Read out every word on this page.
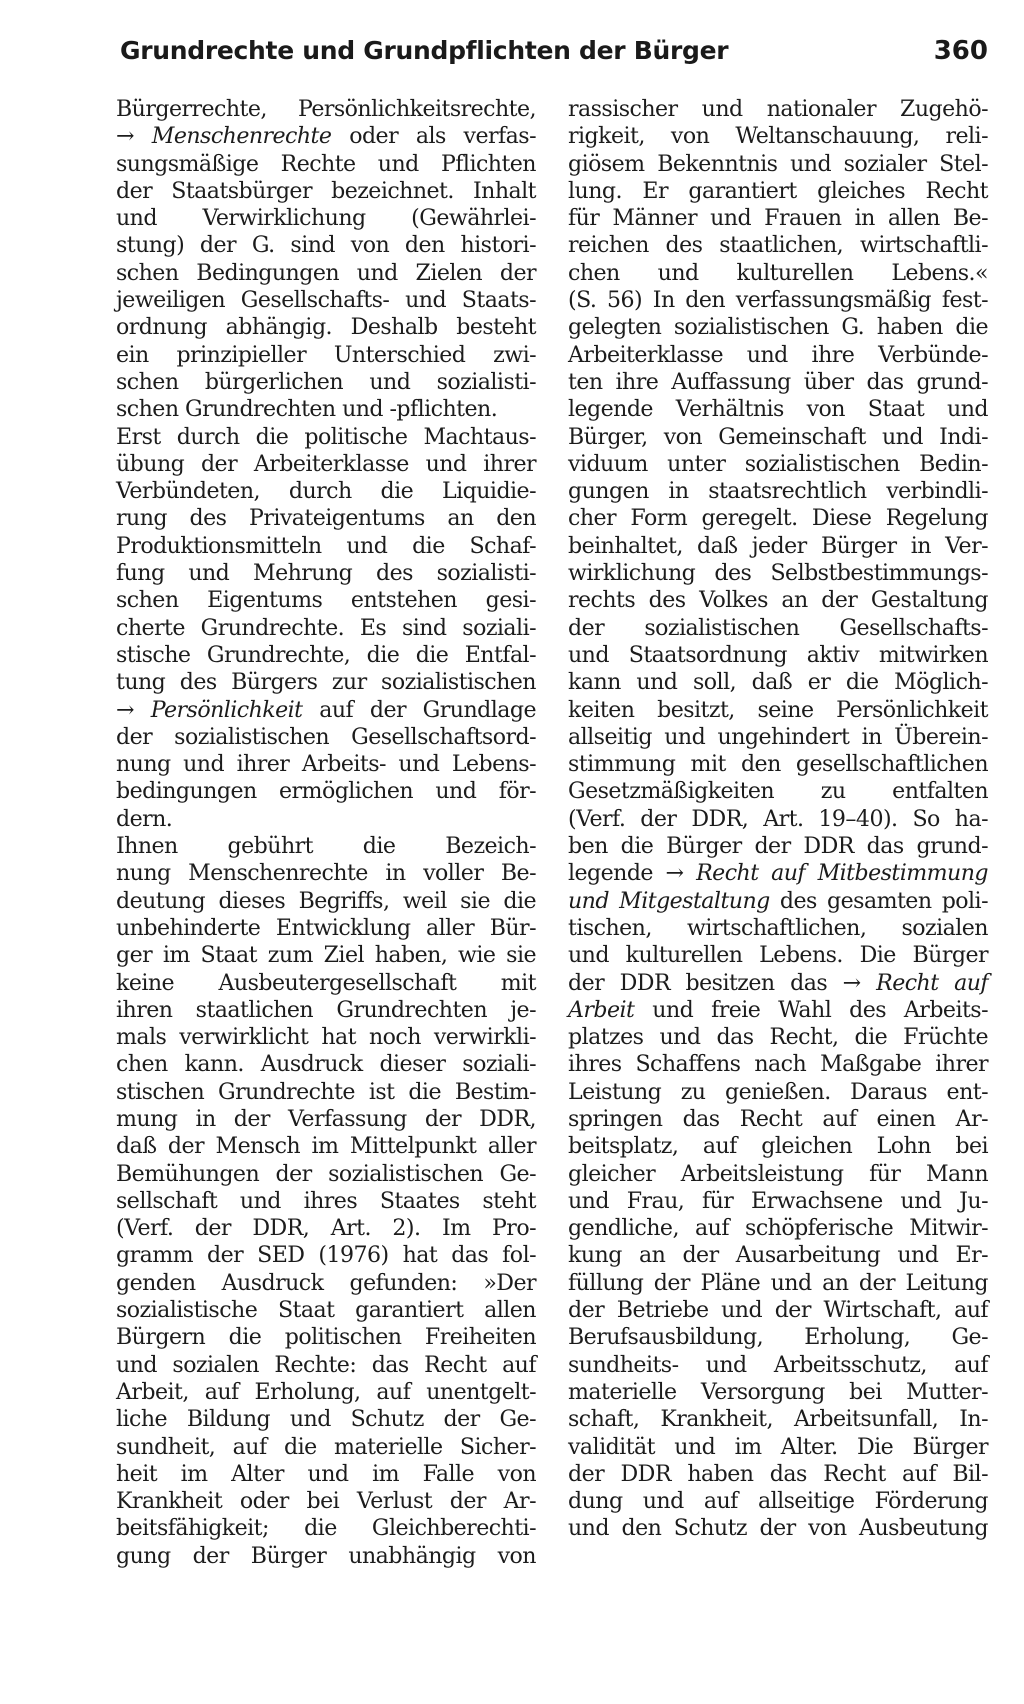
Grundrechte und Grundpflichten der Bürger	360
Bürgerrechte, Persönlichkeitsrechte,
→ Menschenrechte oder als verfas-
sungsmäßige Rechte und Pflichten
der Staatsbürger bezeichnet. Inhalt
und Verwirklichung (Gewährlei-
stung) der G. sind von den histori-
schen Bedingungen und Zielen der
jeweiligen Gesellschafts- und Staats-
ordnung abhängig. Deshalb besteht
ein prinzipieller Unterschied zwi-
schen bürgerlichen und sozialisti-
schen Grundrechten und -pflichten.
Erst durch die politische Machtaus-
übung der Arbeiterklasse und ihrer
Verbündeten, durch die Liquidie-
rung des Privateigentums an den
Produktionsmitteln und die Schaf-
fung und Mehrung des sozialisti-
schen Eigentums entstehen gesi-
cherte Grundrechte. Es sind soziali-
stische Grundrechte, die die Entfal-
tung des Bürgers zur sozialistischen
→ Persönlichkeit auf der Grundlage
der sozialistischen Gesellschaftsord-
nung und ihrer Arbeits- und Lebens-
bedingungen ermöglichen und för-
dern.
Ihnen gebührt die Bezeich-
nung Menschenrechte in voller Be-
deutung dieses Begriffs, weil sie die
unbehinderte Entwicklung aller Bür-
ger im Staat zum Ziel haben, wie sie
keine Ausbeutergesellschaft mit
ihren staatlichen Grundrechten je-
mals verwirklicht hat noch verwirkli-
chen kann. Ausdruck dieser soziali-
stischen Grundrechte ist die Bestim-
mung in der Verfassung der DDR,
daß der Mensch im Mittelpunkt aller
Bemühungen der sozialistischen Ge-
sellschaft und ihres Staates steht
(Verf. der DDR, Art. 2). Im Pro-
gramm der SED (1976) hat das fol-
genden Ausdruck gefunden: »Der
sozialistische Staat garantiert allen
Bürgern die politischen Freiheiten
und sozialen Rechte: das Recht auf
Arbeit, auf Erholung, auf unentgelt-
liche Bildung und Schutz der Ge-
sundheit, auf die materielle Sicher-
heit im Alter und im Falle von
Krankheit oder bei Verlust der Ar-
beitsfähigkeit; die Gleichberechti-
gung der Bürger unabhängig von
rassischer und nationaler Zugehö-
rigkeit, von Weltanschauung, reli-
giösem Bekenntnis und sozialer Stel-
lung. Er garantiert gleiches Recht
für Männer und Frauen in allen Be-
reichen des staatlichen, wirtschaftli-
chen und kulturellen Lebens.«
(S. 56) In den verfassungsmäßig fest-
gelegten sozialistischen G. haben die
Arbeiterklasse und ihre Verbünde-
ten ihre Auffassung über das grund-
legende Verhältnis von Staat und
Bürger, von Gemeinschaft und Indi-
viduum unter sozialistischen Bedin-
gungen in staatsrechtlich verbindli-
cher Form geregelt. Diese Regelung
beinhaltet, daß jeder Bürger in Ver-
wirklichung des Selbstbestimmungs-
rechts des Volkes an der Gestaltung
der sozialistischen Gesellschafts-
und Staatsordnung aktiv mitwirken
kann und soll, daß er die Möglich-
keiten besitzt, seine Persönlichkeit
allseitig und ungehindert in Überein-
stimmung mit den gesellschaftlichen
Gesetzmäßigkeiten zu entfalten
(Verf. der DDR, Art. 19–40). So ha-
ben die Bürger der DDR das grund-
legende → Recht auf Mitbestimmung
und Mitgestaltung des gesamten poli-
tischen, wirtschaftlichen, sozialen
und kulturellen Lebens. Die Bürger
der DDR besitzen das → Recht auf
Arbeit und freie Wahl des Arbeits-
platzes und das Recht, die Früchte
ihres Schaffens nach Maßgabe ihrer
Leistung zu genießen. Daraus ent-
springen das Recht auf einen Ar-
beitsplatz, auf gleichen Lohn bei
gleicher Arbeitsleistung für Mann
und Frau, für Erwachsene und Ju-
gendliche, auf schöpferische Mitwir-
kung an der Ausarbeitung und Er-
füllung der Pläne und an der Leitung
der Betriebe und der Wirtschaft, auf
Berufsausbildung, Erholung, Ge-
sundheits- und Arbeitsschutz, auf
materielle Versorgung bei Mutter-
schaft, Krankheit, Arbeitsunfall, In-
validität und im Alter. Die Bürger
der DDR haben das Recht auf Bil-
dung und auf allseitige Förderung
und den Schutz der von Ausbeutung
